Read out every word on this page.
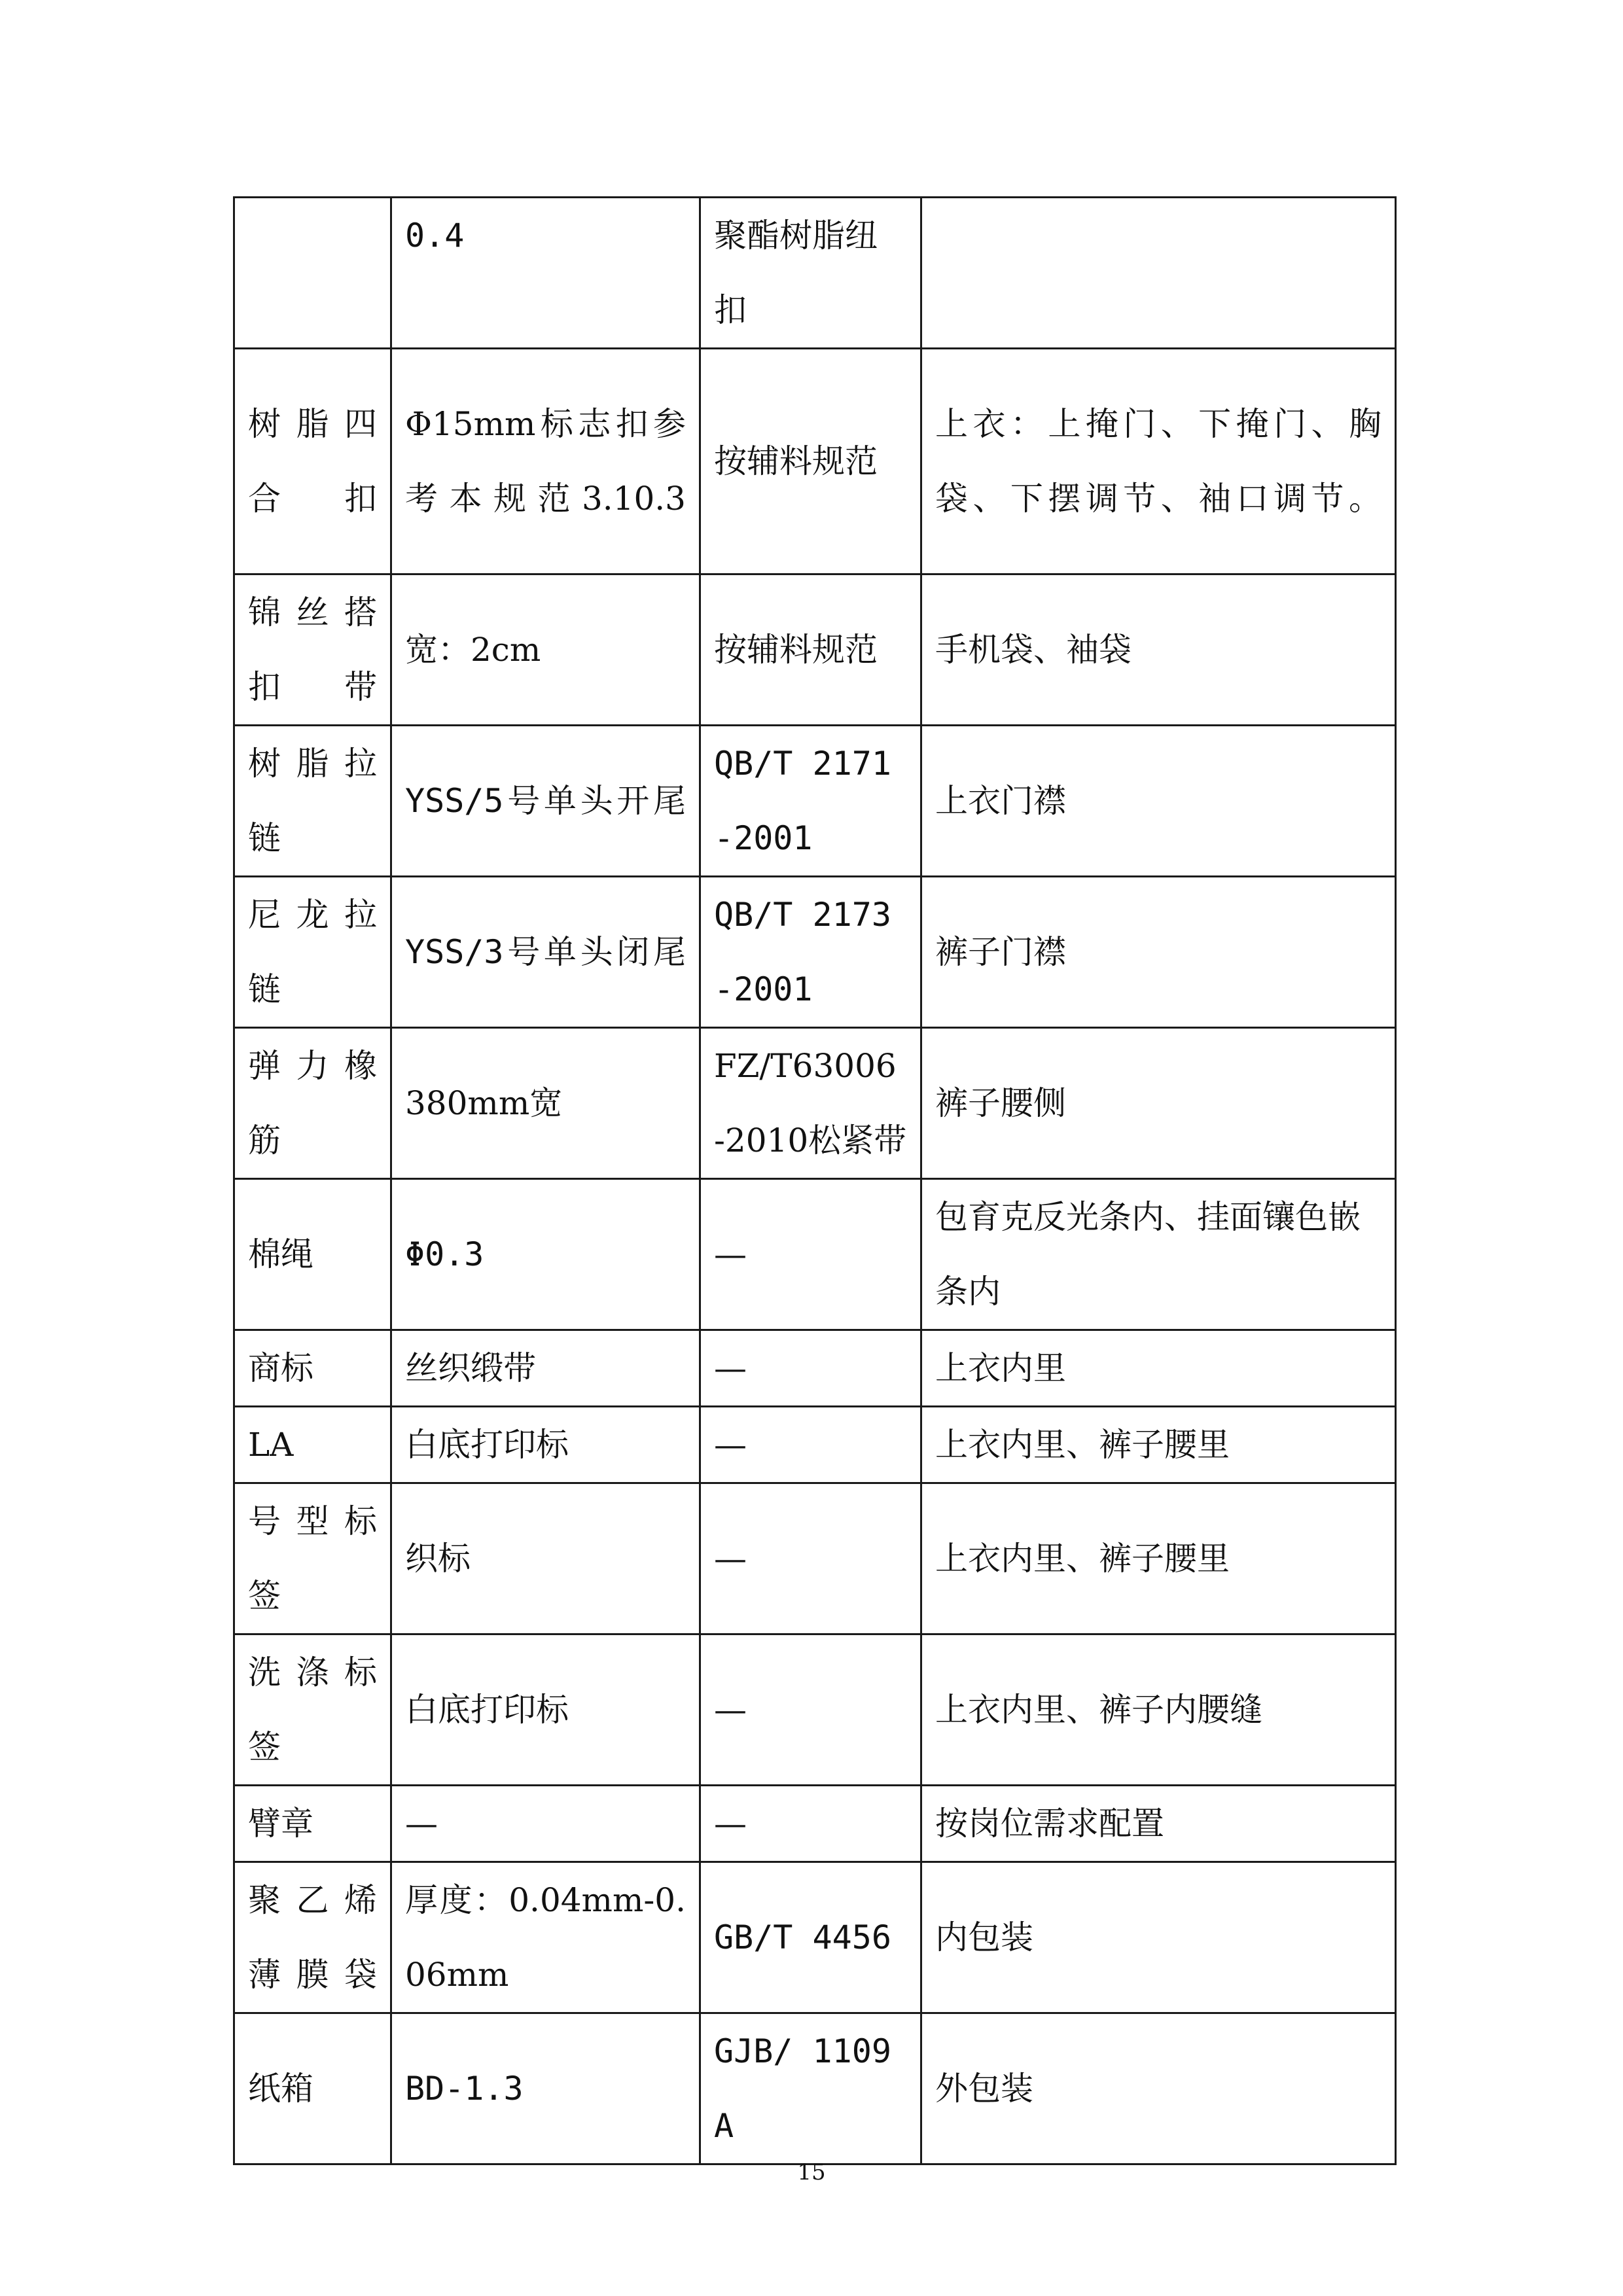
	0.4	聚酯树脂纽扣	
树脂四合扣	Φ15mm标志扣参考本规范3.10.3	按辅料规范	上衣：上掩门、下掩门、胸袋、下摆调节、袖口调节。
锦丝搭扣带	宽：2cm	按辅料规范	手机袋、袖袋
树脂拉链	YSS/5号单头开尾	QB/T 2171-2001	上衣门襟
尼龙拉链	YSS/3号单头闭尾	QB/T 2173-2001	裤子门襟
弹力橡筋	380mm宽	FZ/T63006-2010松紧带	裤子腰侧
棉绳	Φ0.3	—	包育克反光条内、挂面镶色嵌条内
商标	丝织缎带	—	上衣内里
LA	白底打印标	—	上衣内里、裤子腰里
号型标签	织标	—	上衣内里、裤子腰里
洗涤标签	白底打印标	—	上衣内里、裤子内腰缝
臂章	—	—	按岗位需求配置
聚乙烯薄膜袋	厚度：0.04mm-0.06mm	GB/T 4456	内包装
纸箱	BD-1.3	GJB/ 1109A	外包装
15
